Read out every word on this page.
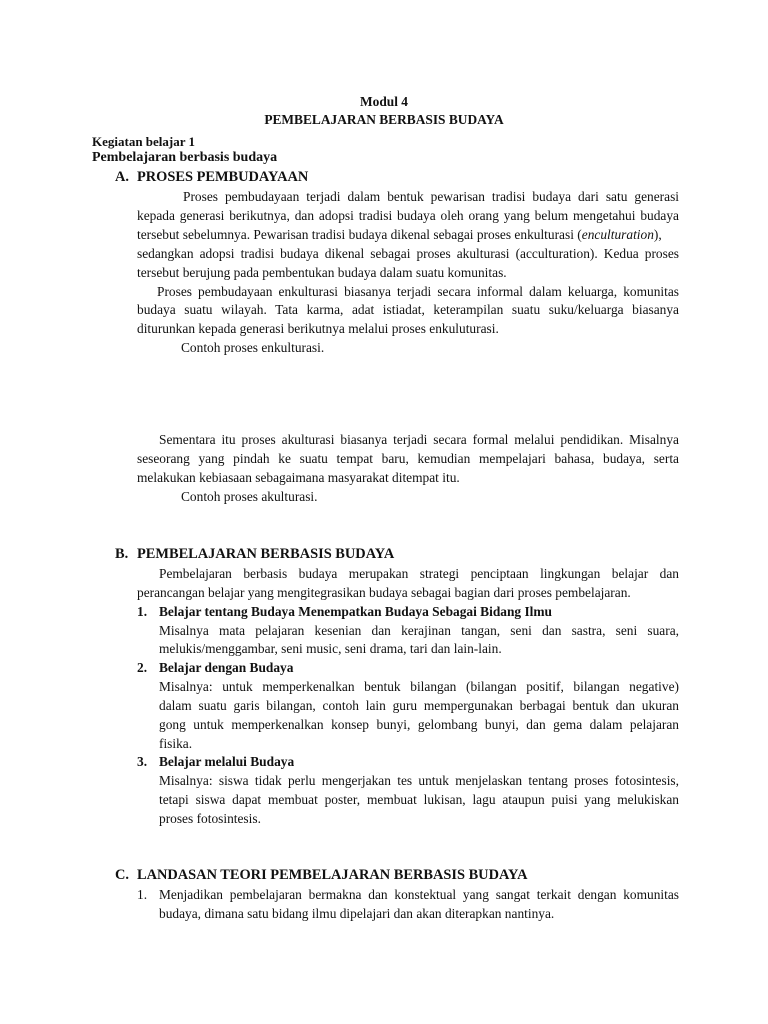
Modul 4
PEMBELAJARAN BERBASIS BUDAYA
Kegiatan belajar 1
Pembelajaran berbasis budaya
A. PROSES PEMBUDAYAAN
Proses pembudayaan terjadi dalam bentuk pewarisan tradisi budaya dari satu generasi
kepada generasi berikutnya, dan adopsi tradisi budaya oleh orang yang belum mengetahui budaya
tersebut sebelumnya. Pewarisan tradisi budaya dikenal sebagai proses enkulturasi (enculturation),
sedangkan adopsi tradisi budaya dikenal sebagai proses akulturasi (acculturation). Kedua proses
tersebut berujung pada pembentukan budaya dalam suatu komunitas.
Proses pembudayaan enkulturasi biasanya terjadi secara informal dalam keluarga, komunitas
budaya suatu wilayah. Tata karma, adat istiadat, keterampilan suatu suku/keluarga biasanya
diturunkan kepada generasi berikutnya melalui proses enkuluturasi.
Contoh proses enkulturasi.
Sementara itu proses akulturasi biasanya terjadi secara formal melalui pendidikan. Misalnya
seseorang yang pindah ke suatu tempat baru, kemudian mempelajari bahasa, budaya, serta
melakukan kebiasaan sebagaimana masyarakat ditempat itu.
Contoh proses akulturasi.
B. PEMBELAJARAN BERBASIS BUDAYA
Pembelajaran berbasis budaya merupakan strategi penciptaan lingkungan belajar dan
perancangan belajar yang mengitegrasikan budaya sebagai bagian dari proses pembelajaran.
1. Belajar tentang Budaya Menempatkan Budaya Sebagai Bidang Ilmu
Misalnya mata pelajaran kesenian dan kerajinan tangan, seni dan sastra, seni suara,
melukis/menggambar, seni music, seni drama, tari dan lain-lain.
2. Belajar dengan Budaya
Misalnya: untuk memperkenalkan bentuk bilangan (bilangan positif, bilangan negative)
dalam suatu garis bilangan, contoh lain guru mempergunakan berbagai bentuk dan ukuran
gong untuk memperkenalkan konsep bunyi, gelombang bunyi, dan gema dalam pelajaran
fisika.
3. Belajar melalui Budaya
Misalnya: siswa tidak perlu mengerjakan tes untuk menjelaskan tentang proses fotosintesis,
tetapi siswa dapat membuat poster, membuat lukisan, lagu ataupun puisi yang melukiskan
proses fotosintesis.
C. LANDASAN TEORI PEMBELAJARAN BERBASIS BUDAYA
1. Menjadikan pembelajaran bermakna dan konstektual yang sangat terkait dengan komunitas
budaya, dimana satu bidang ilmu dipelajari dan akan diterapkan nantinya.
